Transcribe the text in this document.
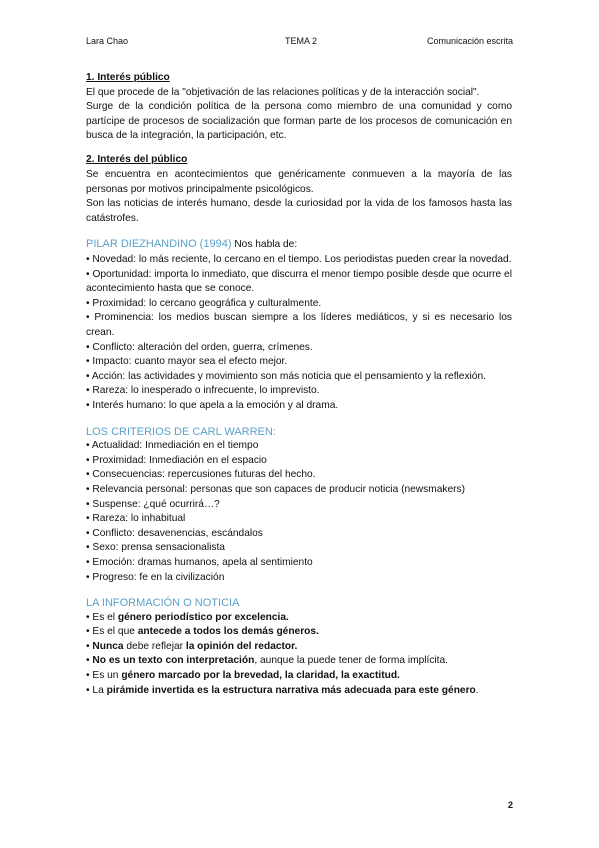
Lara Chao	TEMA 2	Comunicación escrita

1. Interés público

El que procede de la "objetivación de las relaciones políticas y de la interacción social".

Surge de la condición política de la persona como miembro de una comunidad y como partícipe de procesos de socialización que forman parte de los procesos de comunicación en busca de la integración, la participación, etc.

2. Interés del público

Se encuentra en acontecimientos que genéricamente conmueven a la mayoría de las personas por motivos principalmente psicológicos.

Son las noticias de interés humano, desde la curiosidad por la vida de los famosos hasta las catástrofes.

PILAR DIEZHANDINO (1994) Nos habla de:

• Novedad: lo más reciente, lo cercano en el tiempo. Los periodistas pueden crear la novedad.

• Oportunidad: importa lo inmediato, que discurra el menor tiempo posible desde que ocurre el acontecimiento hasta que se conoce.

• Proximidad: lo cercano geográfica y culturalmente.

• Prominencia: los medios buscan siempre a los líderes mediáticos, y si es necesario los crean.

• Conflicto: alteración del orden, guerra, crímenes.

• Impacto: cuanto mayor sea el efecto mejor.

• Acción: las actividades y movimiento son más noticia que el pensamiento y la reflexión.

• Rareza: lo inesperado o infrecuente, lo imprevisto.

• Interés humano: lo que apela a la emoción y al drama.

LOS CRITERIOS DE CARL WARREN:

• Actualidad: Inmediación en el tiempo

• Proximidad: Inmediación en el espacio

• Consecuencias: repercusiones futuras del hecho.

• Relevancia personal: personas que son capaces de producir noticia (newsmakers)

• Suspense: ¿qué ocurrirá…?

• Rareza: lo inhabitual

• Conflicto: desavenencias, escándalos

• Sexo: prensa sensacionalista

• Emoción: dramas humanos, apela al sentimiento

• Progreso: fe en la civilización

LA INFORMACIÓN O NOTICIA

• Es el género periodístico por excelencia.

• Es el que antecede a todos los demás géneros.

• Nunca debe reflejar la opinión del redactor.

• No es un texto con interpretación, aunque la puede tener de forma implícita.

• Es un género marcado por la brevedad, la claridad, la exactitud.

• La pirámide invertida es la estructura narrativa más adecuada para este género.

2
